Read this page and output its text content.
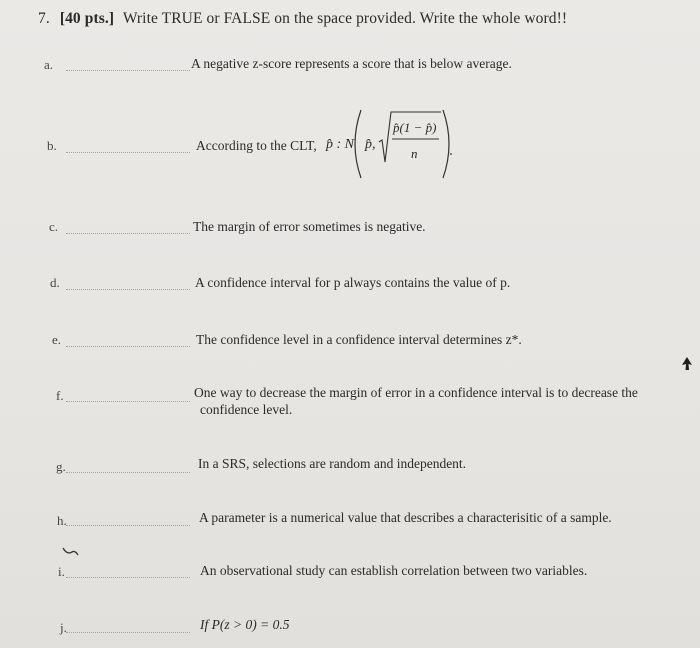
7. [40 pts.] Write TRUE or FALSE on the space provided. Write the whole word!!
a.	A negative z-score represents a score that is below average.
b.	According to the CLT, p̂ : N p̂,
p̂(1 − p̂)
n
c.	The margin of error sometimes is negative.
d.	A confidence interval for p always contains the value of p.
e.	The confidence level in a confidence interval determines z*.
f.	One way to decrease the margin of error in a confidence interval is to decrease the
confidence level.
g.	In a SRS, selections are random and independent.
h.	A parameter is a numerical value that describes a characterisitic of a sample.
i.	An observational study can establish correlation between two variables.
j.	If P(z > 0) = 0.5
